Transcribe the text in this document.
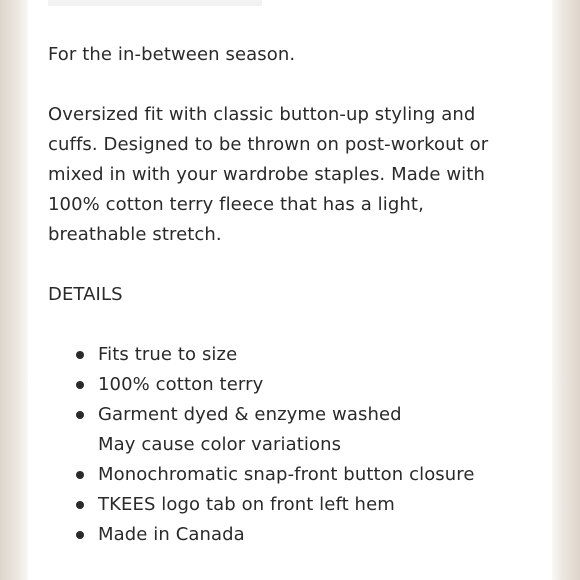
For the in-between season.

Oversized fit with classic button-up styling and cuffs. Designed to be thrown on post-workout or mixed in with your wardrobe staples. Made with 100% cotton terry fleece that has a light, breathable stretch.

DETAILS

Fits true to size
100% cotton terry
Garment dyed & enzyme washed
May cause color variations
Monochromatic snap-front button closure
TKEES logo tab on front left hem
Made in Canada
